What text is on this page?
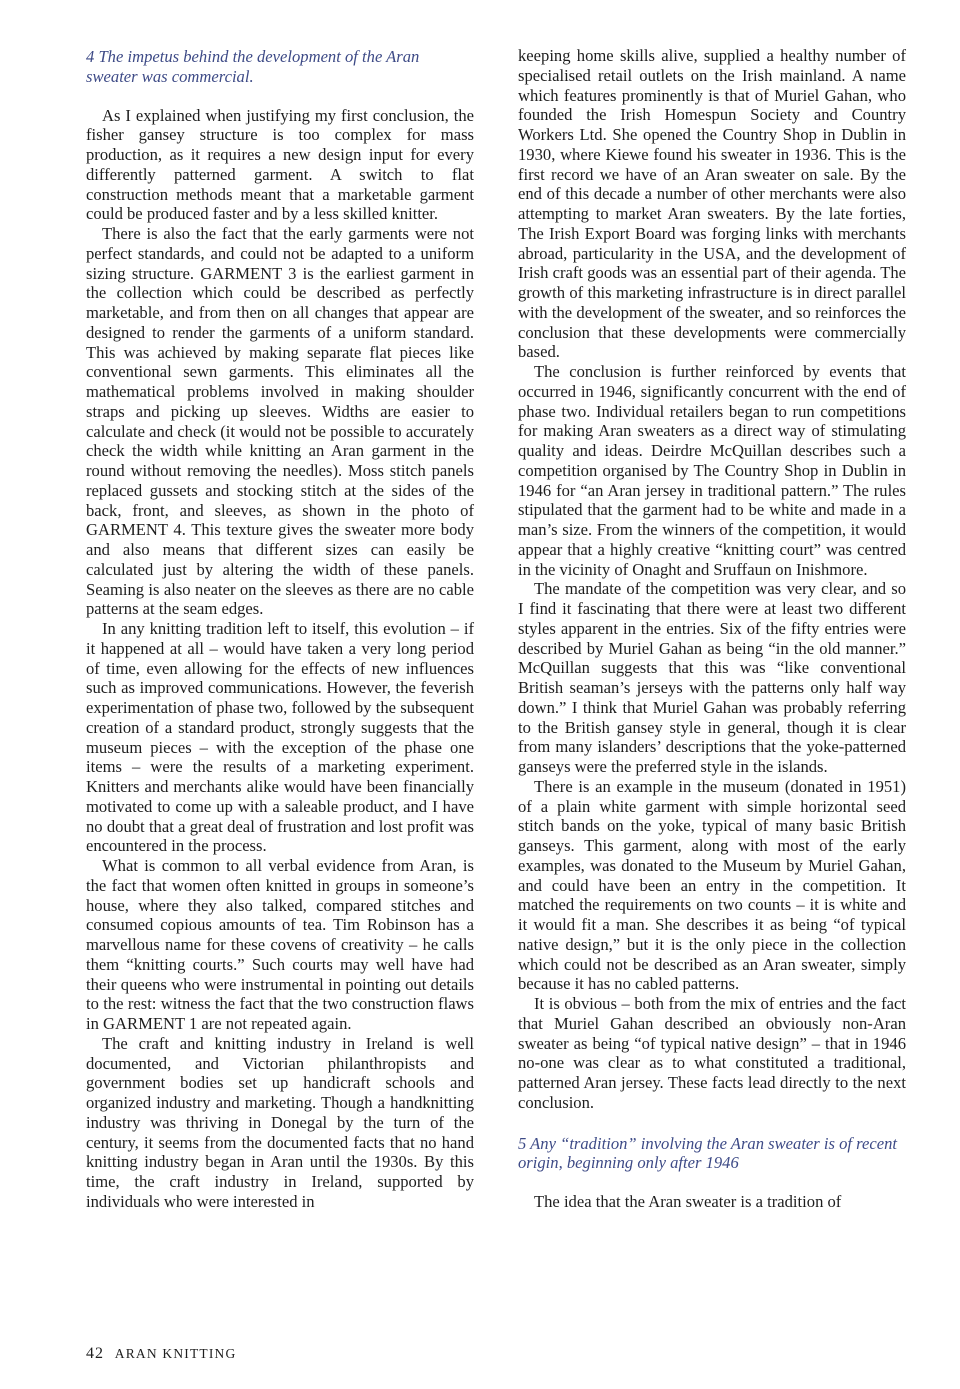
4 The impetus behind the development of the Aran sweater was commercial.

As I explained when justifying my first conclusion, the fisher gansey structure is too complex for mass production, as it requires a new design input for every differently patterned garment. A switch to flat construction methods meant that a marketable garment could be produced faster and by a less skilled knitter.

There is also the fact that the early garments were not perfect standards, and could not be adapted to a uniform sizing structure. GARMENT 3 is the earliest garment in the collection which could be described as perfectly marketable, and from then on all changes that appear are designed to render the garments of a uniform standard. This was achieved by making separate flat pieces like conventional sewn garments. This eliminates all the mathematical problems involved in making shoulder straps and picking up sleeves. Widths are easier to calculate and check (it would not be possible to accurately check the width while knitting an Aran garment in the round without removing the needles). Moss stitch panels replaced gussets and stocking stitch at the sides of the back, front, and sleeves, as shown in the photo of GARMENT 4. This texture gives the sweater more body and also means that different sizes can easily be calculated just by altering the width of these panels. Seaming is also neater on the sleeves as there are no cable patterns at the seam edges.

In any knitting tradition left to itself, this evolution – if it happened at all – would have taken a very long period of time, even allowing for the effects of new influences such as improved communications. However, the feverish experimentation of phase two, followed by the subsequent creation of a standard product, strongly suggests that the museum pieces – with the exception of the phase one items – were the results of a marketing experiment. Knitters and merchants alike would have been financially motivated to come up with a saleable product, and I have no doubt that a great deal of frustration and lost profit was encountered in the process.

What is common to all verbal evidence from Aran, is the fact that women often knitted in groups in someone’s house, where they also talked, compared stitches and consumed copious amounts of tea. Tim Robinson has a marvellous name for these covens of creativity – he calls them “knitting courts.” Such courts may well have had their queens who were instrumental in pointing out details to the rest: witness the fact that the two construction flaws in GARMENT 1 are not repeated again.

The craft and knitting industry in Ireland is well documented, and Victorian philanthropists and government bodies set up handicraft schools and organized industry and marketing. Though a handknitting industry was thriving in Donegal by the turn of the century, it seems from the documented facts that no hand knitting industry began in Aran until the 1930s. By this time, the craft industry in Ireland, supported by individuals who were interested in

keeping home skills alive, supplied a healthy number of specialised retail outlets on the Irish mainland. A name which features prominently is that of Muriel Gahan, who founded the Irish Homespun Society and Country Workers Ltd. She opened the Country Shop in Dublin in 1930, where Kiewe found his sweater in 1936. This is the first record we have of an Aran sweater on sale. By the end of this decade a number of other merchants were also attempting to market Aran sweaters. By the late forties, The Irish Export Board was forging links with merchants abroad, particularity in the USA, and the development of Irish craft goods was an essential part of their agenda. The growth of this marketing infrastructure is in direct parallel with the development of the sweater, and so reinforces the conclusion that these developments were commercially based.

The conclusion is further reinforced by events that occurred in 1946, significantly concurrent with the end of phase two. Individual retailers began to run competitions for making Aran sweaters as a direct way of stimulating quality and ideas. Deirdre McQuillan describes such a competition organised by The Country Shop in Dublin in 1946 for “an Aran jersey in traditional pattern.” The rules stipulated that the garment had to be white and made in a man’s size. From the winners of the competition, it would appear that a highly creative “knitting court” was centred in the vicinity of Onaght and Sruffaun on Inishmore.

The mandate of the competition was very clear, and so I find it fascinating that there were at least two different styles apparent in the entries. Six of the fifty entries were described by Muriel Gahan as being “in the old manner.” McQuillan suggests that this was “like conventional British seaman’s jerseys with the patterns only half way down.” I think that Muriel Gahan was probably referring to the British gansey style in general, though it is clear from many islanders’ descriptions that the yoke-patterned ganseys were the preferred style in the islands.

There is an example in the museum (donated in 1951) of a plain white garment with simple horizontal seed stitch bands on the yoke, typical of many basic British ganseys. This garment, along with most of the early examples, was donated to the Museum by Muriel Gahan, and could have been an entry in the competition. It matched the requirements on two counts – it is white and it would fit a man. She describes it as being “of typical native design,” but it is the only piece in the collection which could not be described as an Aran sweater, simply because it has no cabled patterns.

It is obvious – both from the mix of entries and the fact that Muriel Gahan described an obviously non-Aran sweater as being “of typical native design” – that in 1946 no-one was clear as to what constituted a traditional, patterned Aran jersey. These facts lead directly to the next conclusion.

5 Any “tradition” involving the Aran sweater is of recent origin, beginning only after 1946

The idea that the Aran sweater is a tradition of

42 ARAN KNITTING
